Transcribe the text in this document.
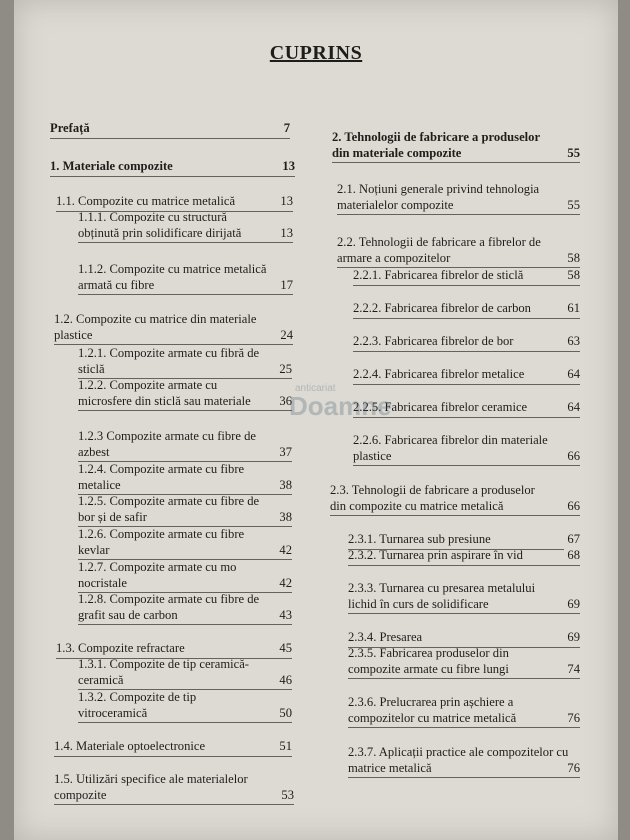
CUPRINS
Prefață	7
1. Materiale compozite	13
1.1. Compozite cu matrice metalică	13
1.1.1. Compozite cu structură obținută prin solidificare dirijată	13
1.1.2. Compozite cu matrice metalică armată cu fibre	17
1.2. Compozite cu matrice din materiale plastice	24
1.2.1. Compozite armate cu fibră de sticlă	25
1.2.2. Compozite armate cu microsfere din sticlă sau materiale	36
1.2.3 Compozite armate cu fibre de azbest	37
1.2.4. Compozite armate cu fibre metalice	38
1.2.5. Compozite armate cu fibre de bor și de safir	38
1.2.6. Compozite armate cu fibre kevlar	42
1.2.7. Compozite armate cu mo nocristale	42
1.2.8. Compozite armate cu fibre de grafit sau de carbon	43
1.3. Compozite refractare	45
1.3.1. Compozite de tip ceramică-ceramică	46
1.3.2. Compozite de tip vitroceramică	50
1.4. Materiale optoelectronice	51
1.5. Utilizări specifice ale materialelor compozite	53
2. Tehnologii de fabricare a produselor din materiale compozite	55
2.1. Noțiuni generale privind tehnologia materialelor compozite	55
2.2. Tehnologii de fabricare a fibrelor de armare a compozitelor	58
2.2.1. Fabricarea fibrelor de sticlă	58
2.2.2. Fabricarea fibrelor de carbon	61
2.2.3. Fabricarea fibrelor de bor	63
2.2.4. Fabricarea fibrelor metalice	64
2.2.5. Fabricarea fibrelor ceramice	64
2.2.6. Fabricarea fibrelor din materiale plastice	66
2.3. Tehnologii de fabricare a produselor din compozite cu matrice metalică	66
2.3.1. Turnarea sub presiune	67
2.3.2. Turnarea prin aspirare în vid	68
2.3.3. Turnarea cu presarea metalului lichid în curs de solidificare	69
2.3.4. Presarea	69
2.3.5. Fabricarea produselor din compozite armate cu fibre lungi	74
2.3.6. Prelucrarea prin așchiere a compozitelor cu matrice metalică	76
2.3.7. Aplicații practice ale compozitelor cu matrice metalică	76
anticariat
Doamne
